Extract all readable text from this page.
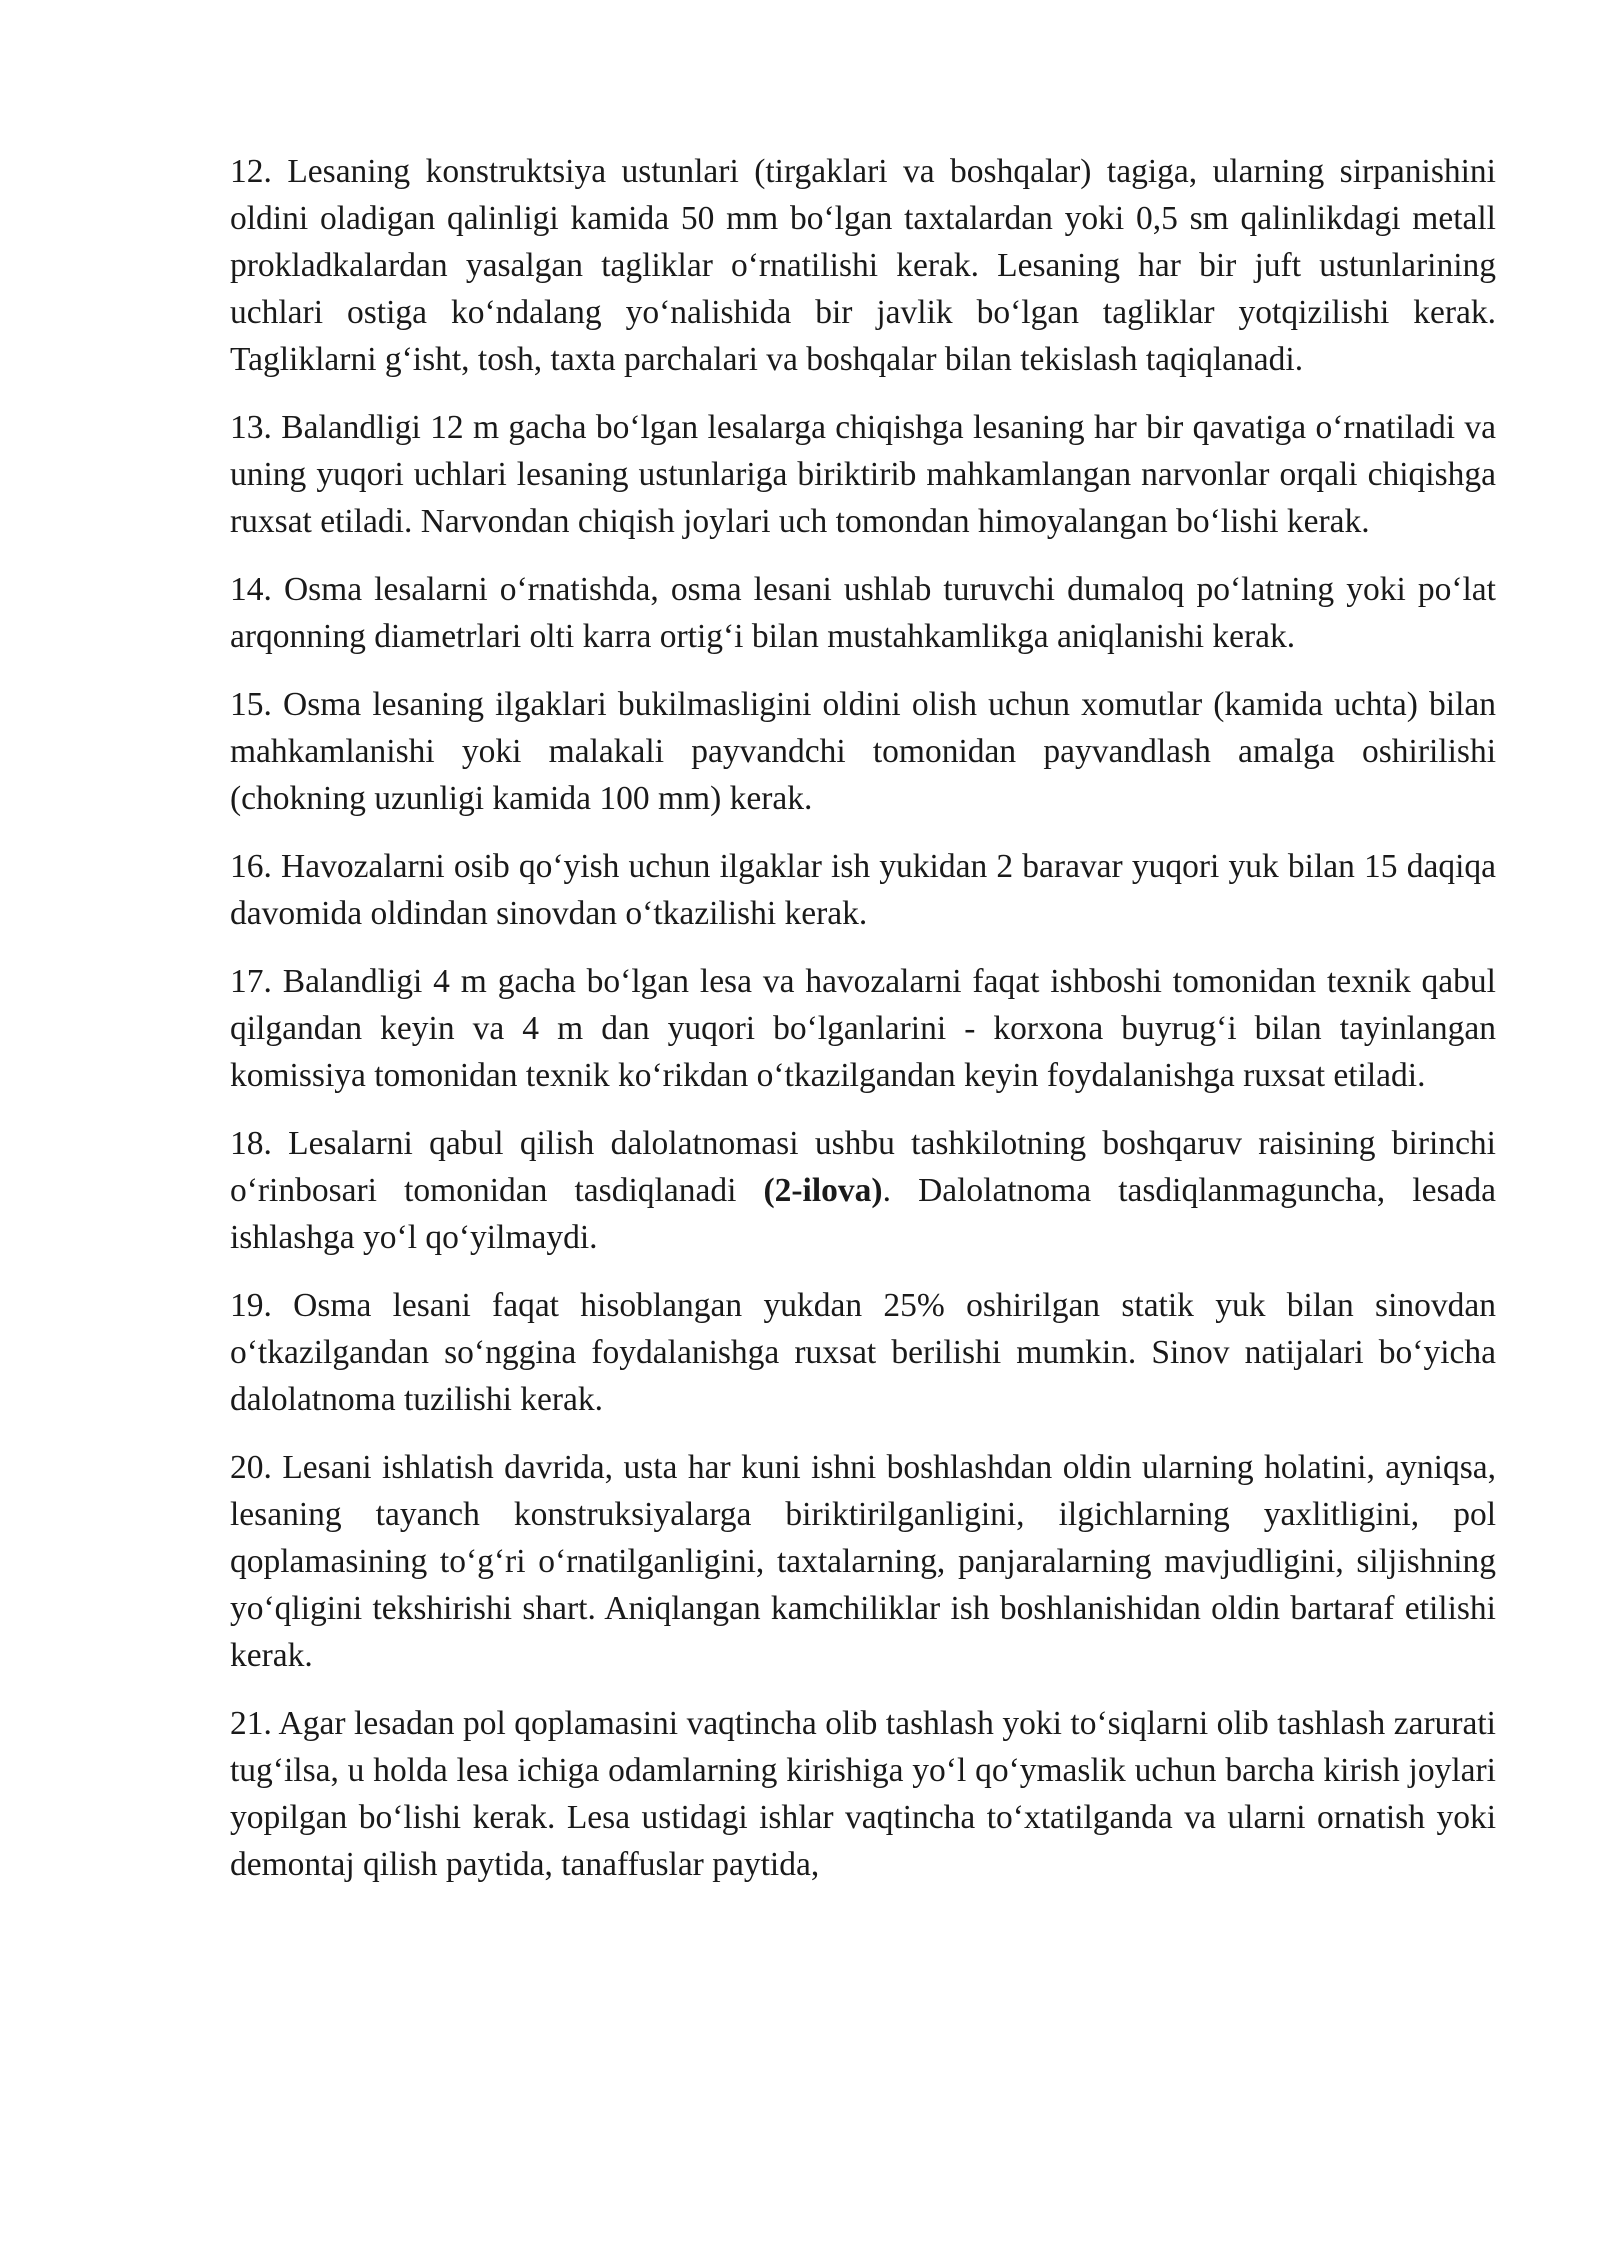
12. Lesaning konstruktsiya ustunlari (tirgaklari va boshqalar) tagiga, ularning sirpanishini oldini oladigan qalinligi kamida 50 mm bo‘lgan taxtalardan yoki 0,5 sm qalinlikdagi metall prokladkalardan yasalgan tagliklar o‘rnatilishi kerak. Lesaning har bir juft ustunlarining uchlari ostiga ko‘ndalang yo‘nalishida bir javlik bo‘lgan tagliklar yotqizilishi kerak. Tagliklarni g‘isht, tosh, taxta parchalari va boshqalar bilan tekislash taqiqlanadi.

13. Balandligi 12 m gacha bo‘lgan lesalarga chiqishga lesaning har bir qavatiga o‘rnatiladi va uning yuqori uchlari lesaning ustunlariga biriktirib mahkamlangan narvonlar orqali chiqishga ruxsat etiladi. Narvondan chiqish joylari uch tomondan himoyalangan bo‘lishi kerak.

14. Osma lesalarni o‘rnatishda, osma lesani ushlab turuvchi dumaloq po‘latning yoki po‘lat arqonning diametrlari olti karra ortig‘i bilan mustahkamlikga aniqlanishi kerak.

15. Osma lesaning ilgaklari bukilmasligini oldini olish uchun xomutlar (kamida uchta) bilan mahkamlanishi yoki malakali payvandchi tomonidan payvandlash amalga oshirilishi (chokning uzunligi kamida 100 mm) kerak.

16. Havozalarni osib qo‘yish uchun ilgaklar ish yukidan 2 baravar yuqori yuk bilan 15 daqiqa davomida oldindan sinovdan o‘tkazilishi kerak.

17. Balandligi 4 m gacha bo‘lgan lesa va havozalarni faqat ishboshi tomonidan texnik qabul qilgandan keyin va 4 m dan yuqori bo‘lganlarini - korxona buyrug‘i bilan tayinlangan komissiya tomonidan texnik ko‘rikdan o‘tkazilgandan keyin foydalanishga ruxsat etiladi.

18. Lesalarni qabul qilish dalolatnomasi ushbu tashkilotning boshqaruv raisining birinchi o‘rinbosari tomonidan tasdiqlanadi (2-ilova). Dalolatnoma tasdiqlanmaguncha, lesada ishlashga yo‘l qo‘yilmaydi.

19. Osma lesani faqat hisoblangan yukdan 25% oshirilgan statik yuk bilan sinovdan o‘tkazilgandan so‘nggina foydalanishga ruxsat berilishi mumkin. Sinov natijalari bo‘yicha dalolatnoma tuzilishi kerak.

20. Lesani ishlatish davrida, usta har kuni ishni boshlashdan oldin ularning holatini, ayniqsa, lesaning tayanch konstruksiyalarga biriktirilganligini, ilgichlarning yaxlitligini, pol qoplamasining to‘g‘ri o‘rnatilganligini, taxtalarning, panjaralarning mavjudligini, siljishning yo‘qligini tekshirishi shart. Aniqlangan kamchiliklar ish boshlanishidan oldin bartaraf etilishi kerak.

21. Agar lesadan pol qoplamasini vaqtincha olib tashlash yoki to‘siqlarni olib tashlash zarurati tug‘ilsa, u holda lesa ichiga odamlarning kirishiga yo‘l qo‘ymaslik uchun barcha kirish joylari yopilgan bo‘lishi kerak. Lesa ustidagi ishlar vaqtincha to‘xtatilganda va ularni ornatish yoki demontaj qilish paytida, tanaffuslar paytida,
